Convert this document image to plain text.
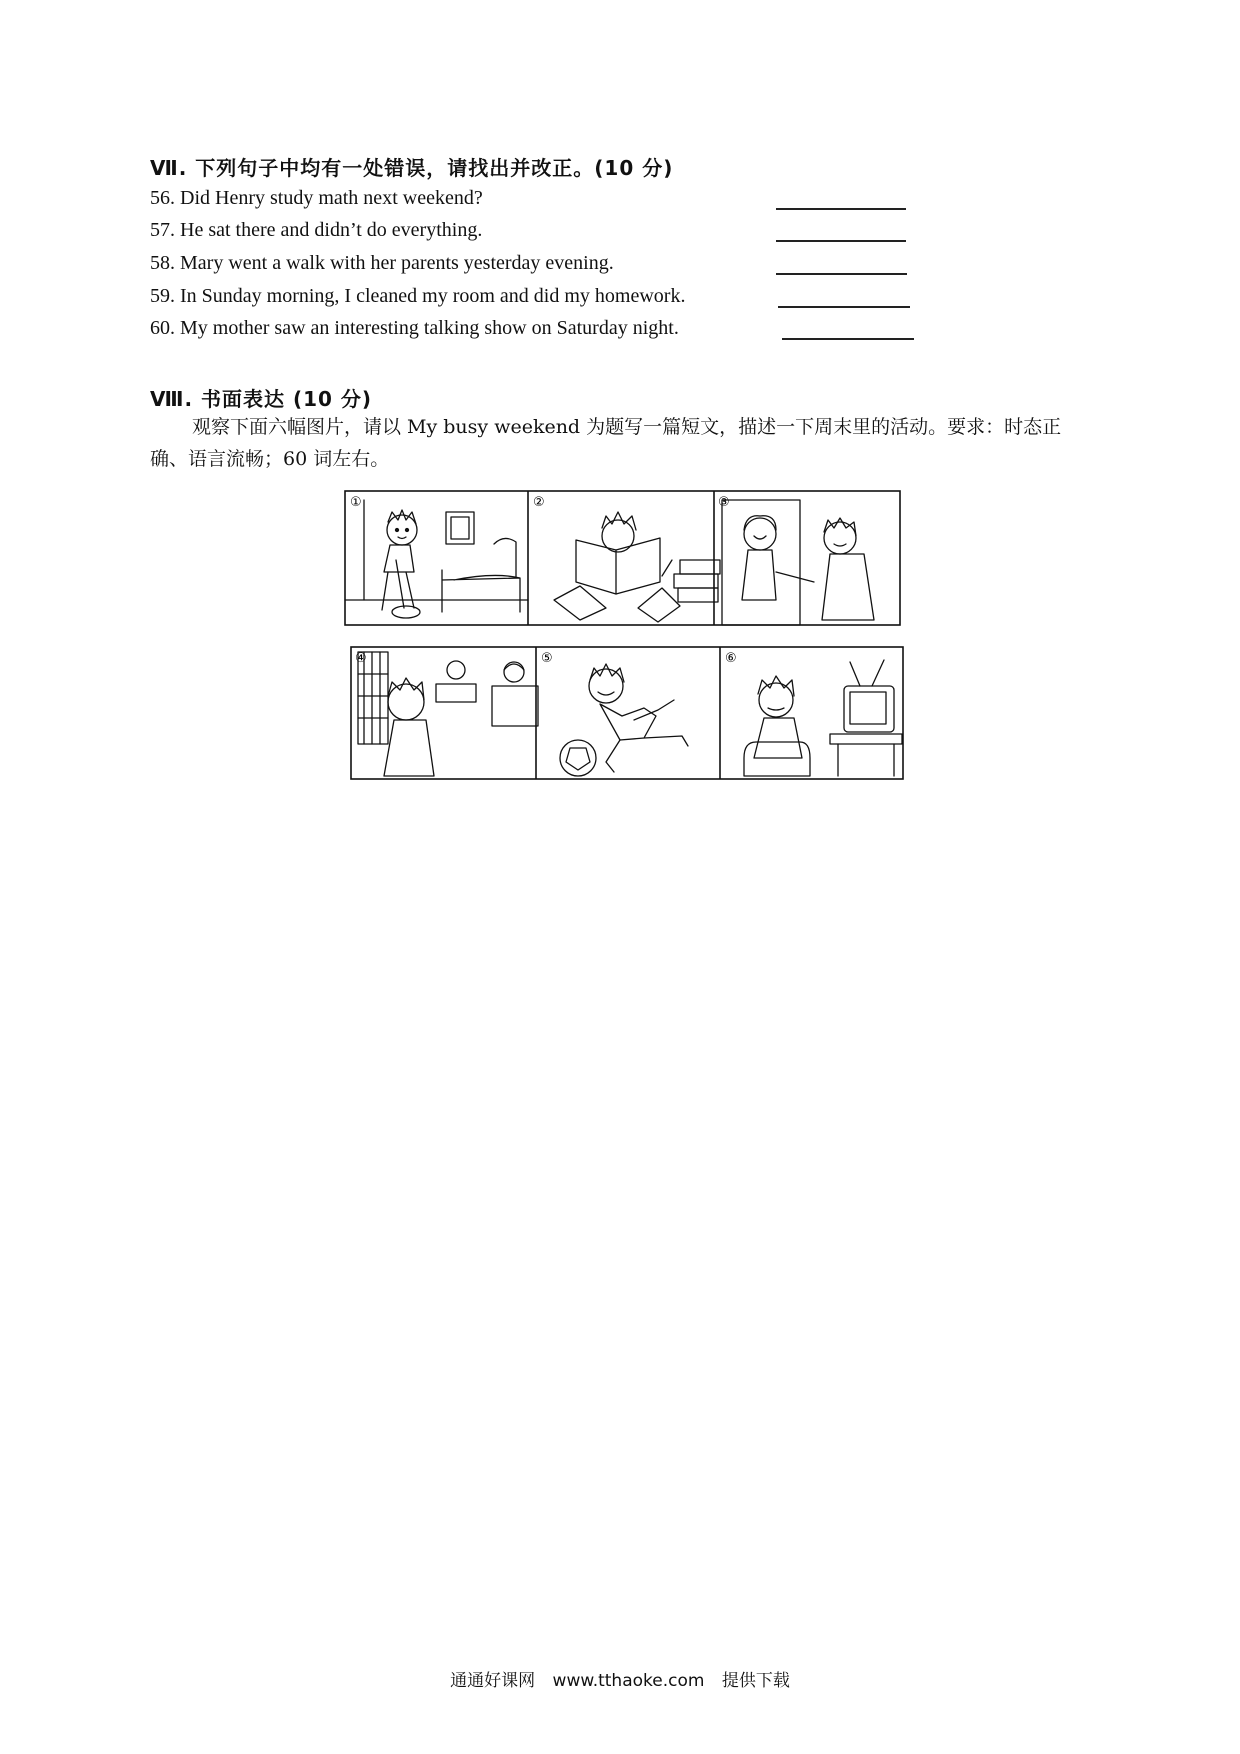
Ⅶ. 下列句子中均有一处错误，请找出并改正。(10 分)
56. Did Henry study math next weekend?
57. He sat there and didn’t do everything.
58. Mary went a walk with her parents yesterday evening.
59. In Sunday morning, I cleaned my room and did my homework.
60. My mother saw an interesting talking show on Saturday night.
Ⅷ. 书面表达 (10 分)
观察下面六幅图片，请以 My busy weekend 为题写一篇短文，描述一下周末里的活动。要求：时态正确、语言流畅；60 词左右。
①	②	③
④	⑤	⑥
通通好课网 www.tthaoke.com 提供下载
